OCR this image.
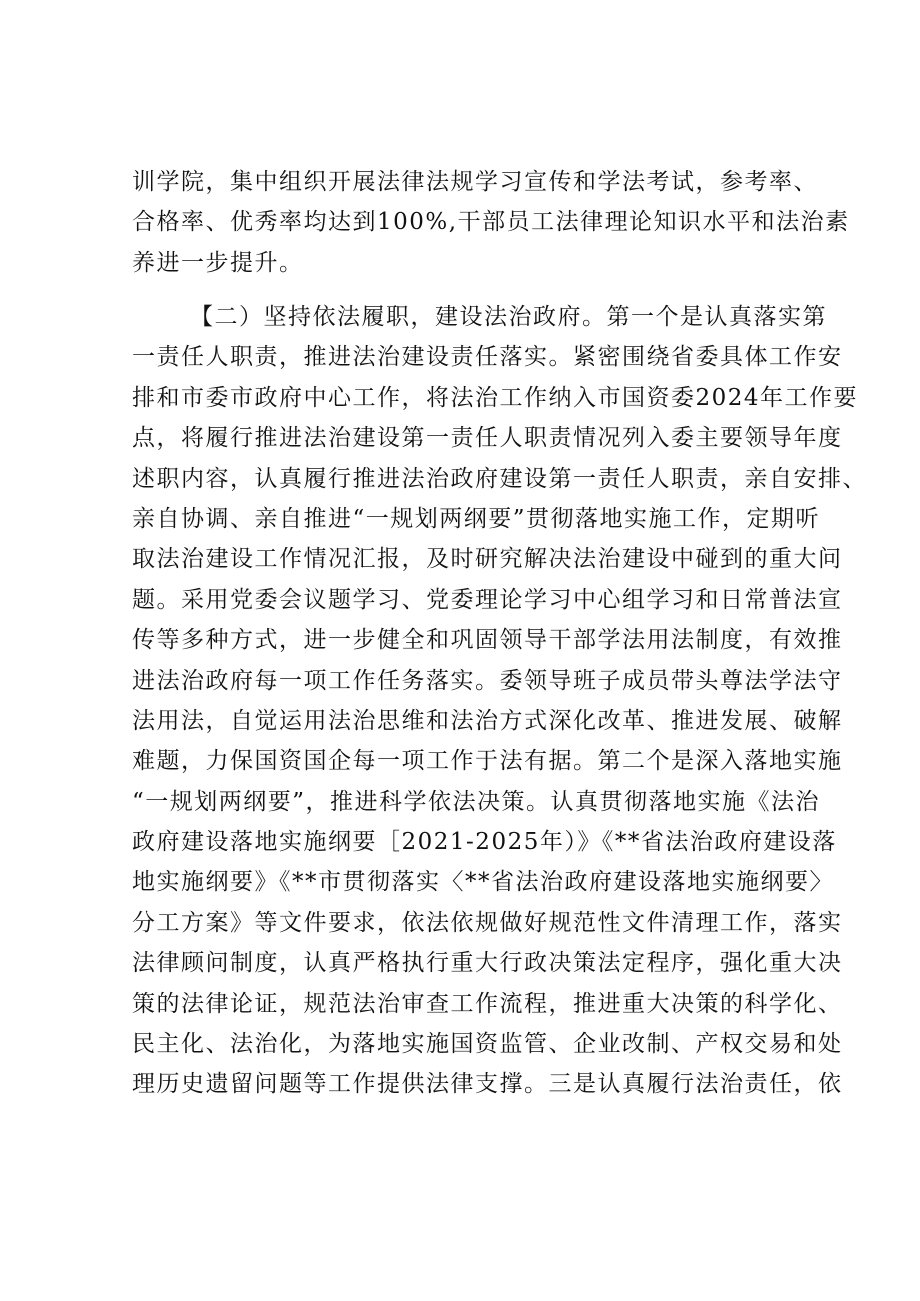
训学院，集中组织开展法律法规学习宣传和学法考试，参考率、
合格率、优秀率均达到100%,干部员工法律理论知识水平和法治素
养进一步提升。
【二）坚持依法履职，建设法治政府。第一个是认真落实第
一责任人职责，推进法治建设责任落实。紧密围绕省委具体工作安
排和市委市政府中心工作，将法治工作纳入市国资委2024年工作要
点，将履行推进法治建设第一责任人职责情况列入委主要领导年度
述职内容，认真履行推进法治政府建设第一责任人职责，亲自安排、
亲自协调、亲自推进“一规划两纲要”贯彻落地实施工作，定期听
取法治建设工作情况汇报，及时研究解决法治建设中碰到的重大问
题。采用党委会议题学习、党委理论学习中心组学习和日常普法宣
传等多种方式，进一步健全和巩固领导干部学法用法制度，有效推
进法治政府每一项工作任务落实。委领导班子成员带头尊法学法守
法用法，自觉运用法治思维和法治方式深化改革、推进发展、破解
难题，力保国资国企每一项工作于法有据。第二个是深入落地实施
“一规划两纲要”，推进科学依法决策。认真贯彻落地实施《法治
政府建设落地实施纲要［2021-2025年）》《**省法治政府建设落
地实施纲要》《**市贯彻落实〈**省法治政府建设落地实施纲要〉
分工方案》等文件要求，依法依规做好规范性文件清理工作，落实
法律顾问制度，认真严格执行重大行政决策法定程序，强化重大决
策的法律论证，规范法治审查工作流程，推进重大决策的科学化、
民主化、法治化，为落地实施国资监管、企业改制、产权交易和处
理历史遗留问题等工作提供法律支撑。三是认真履行法治责任，依
